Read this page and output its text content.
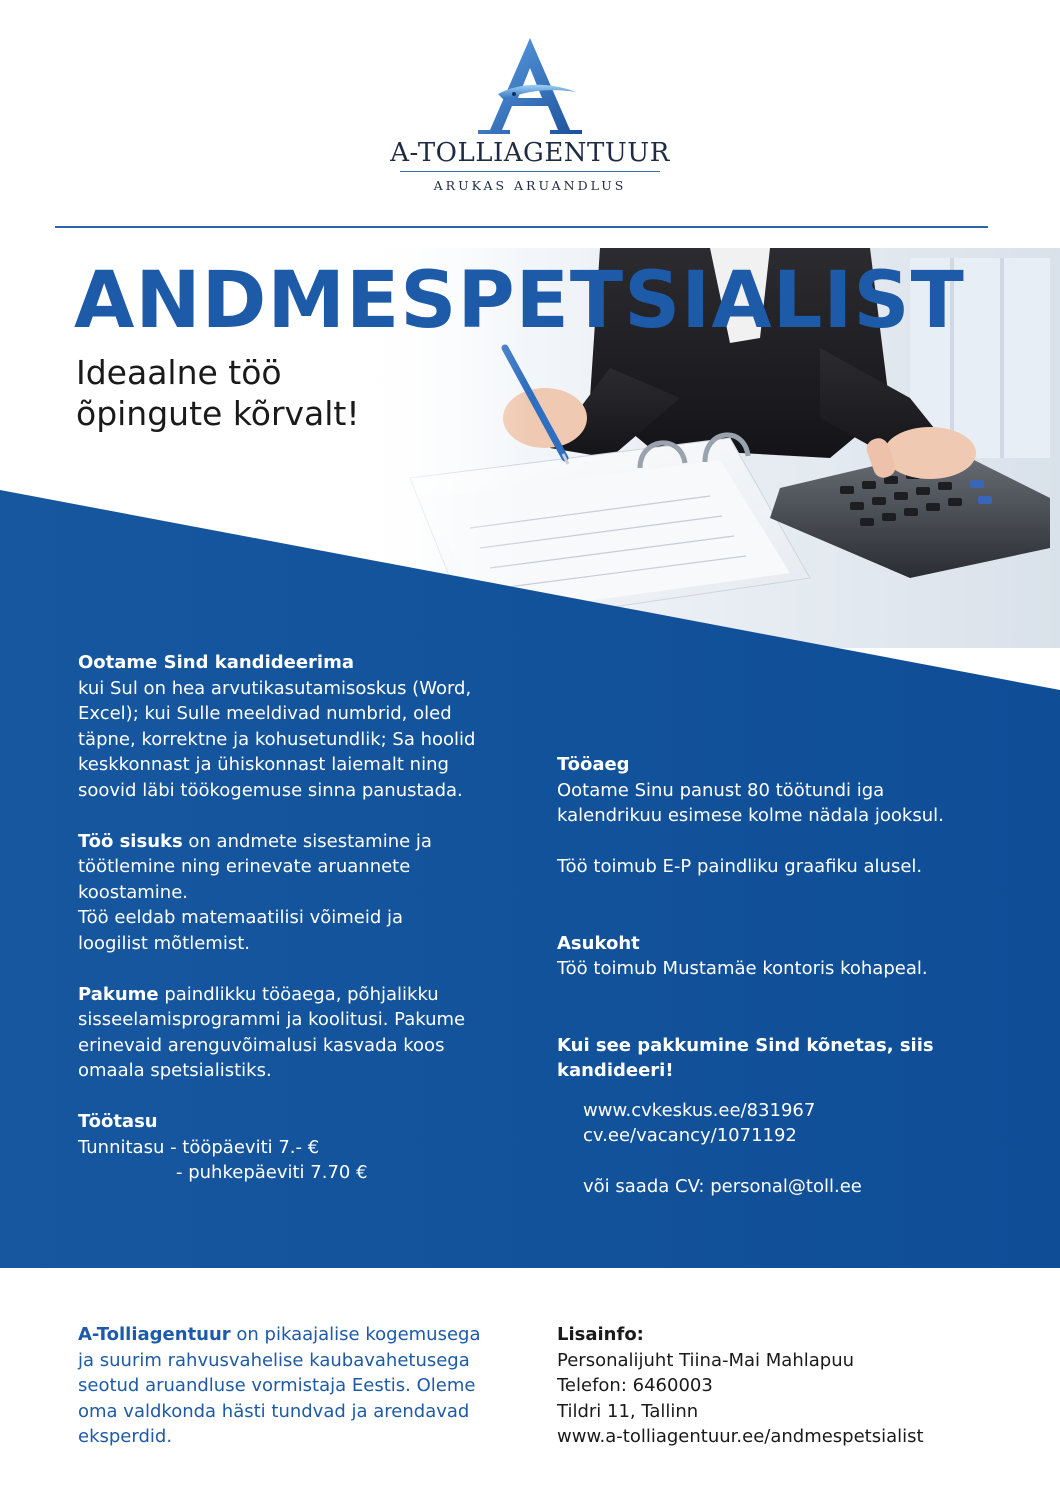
A-TOLLIAGENTUUR
ARUKAS ARUANDLUS
ANDMESPETSIALIST
Ideaalne töö
õpingute kõrvalt!

Ootame Sind kandideerima

kui Sul on hea arvutikasutamisoskus (Word,

Excel); kui Sulle meeldivad numbrid, oled

täpne, korrektne ja kohusetundlik; Sa hoolid

keskkonnast ja ühiskonnast laiemalt ning

soovid läbi töökogemuse sinna panustada.

Töö sisuks on andmete sisestamine ja

töötlemine ning erinevate aruannete

koostamine.

Töö eeldab matemaatilisi võimeid ja

loogilist mõtlemist.

Pakume paindlikku tööaega, põhjalikku

sisseelamisprogrammi ja koolitusi. Pakume

erinevaid arenguvõimalusi kasvada koos

omaala spetsialistiks.

Töötasu

Tunnitasu - tööpäeviti 7.- €

- puhkepäeviti 7.70 €

Tööaeg

Ootame Sinu panust 80 töötundi iga

kalendrikuu esimese kolme nädala jooksul.

Töö toimub E-P paindliku graafiku alusel.

Asukoht

Töö toimub Mustamäe kontoris kohapeal.

Kui see pakkumine Sind kõnetas, siis

kandideeri!

www.cvkeskus.ee/831967

cv.ee/vacancy/1071192

või saada CV: personal@toll.ee

A-Tolliagentuur on pikaajalise kogemusega

ja suurim rahvusvahelise kaubavahetusega

seotud aruandluse vormistaja Eestis. Oleme

oma valdkonda hästi tundvad ja arendavad

eksperdid.

Lisainfo:

Personalijuht Tiina-Mai Mahlapuu

Telefon: 6460003

Tildri 11, Tallinn

www.a-tolliagentuur.ee/andmespetsialist
